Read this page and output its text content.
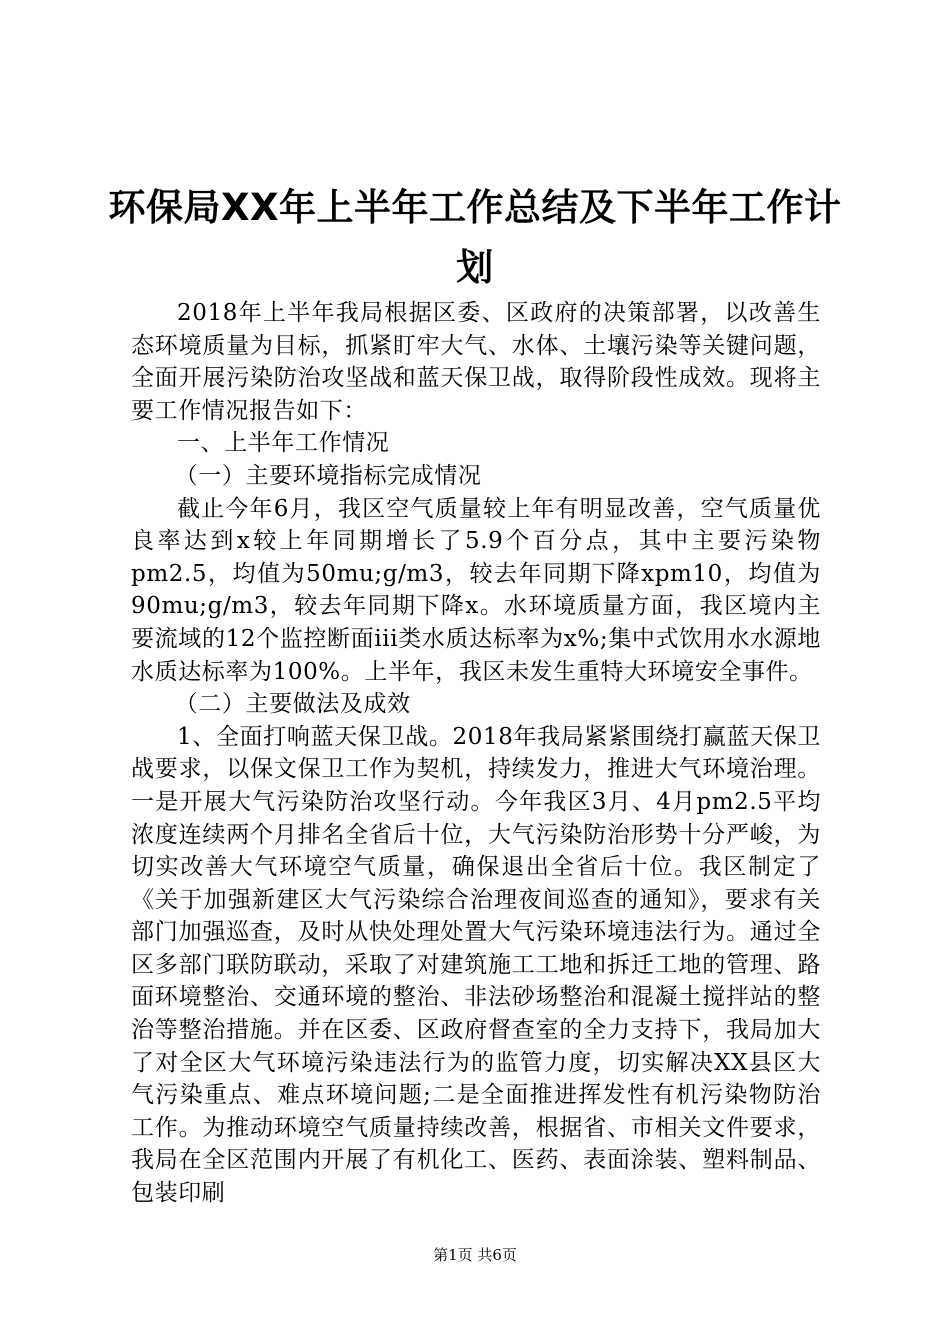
环保局XX年上半年工作总结及下半年工作计划

2018年上半年我局根据区委、区政府的决策部署，以改善生态环境质量为目标，抓紧盯牢大气、水体、土壤污染等关键问题，全面开展污染防治攻坚战和蓝天保卫战，取得阶段性成效。现将主要工作情况报告如下：

一、上半年工作情况

（一）主要环境指标完成情况

截止今年6月，我区空气质量较上年有明显改善，空气质量优良率达到x较上年同期增长了5.9个百分点，其中主要污染物pm2.5，均值为50mu;g/m3，较去年同期下降xpm10，均值为90mu;g/m3，较去年同期下降x。水环境质量方面，我区境内主要流域的12个监控断面iii类水质达标率为x%;集中式饮用水水源地水质达标率为100%。上半年，我区未发生重特大环境安全事件。

（二）主要做法及成效

1、全面打响蓝天保卫战。2018年我局紧紧围绕打赢蓝天保卫战要求，以保文保卫工作为契机，持续发力，推进大气环境治理。一是开展大气污染防治攻坚行动。今年我区3月、4月pm2.5平均浓度连续两个月排名全省后十位，大气污染防治形势十分严峻，为切实改善大气环境空气质量，确保退出全省后十位。我区制定了《关于加强新建区大气污染综合治理夜间巡查的通知》，要求有关部门加强巡查，及时从快处理处置大气污染环境违法行为。通过全区多部门联防联动，采取了对建筑施工工地和拆迁工地的管理、路面环境整治、交通环境的整治、非法砂场整治和混凝土搅拌站的整治等整治措施。并在区委、区政府督查室的全力支持下，我局加大了对全区大气环境污染违法行为的监管力度，切实解决XX县区大气污染重点、难点环境问题;二是全面推进挥发性有机污染物防治工作。为推动环境空气质量持续改善，根据省、市相关文件要求，我局在全区范围内开展了有机化工、医药、表面涂装、塑料制品、包装印刷

第1页 共6页
